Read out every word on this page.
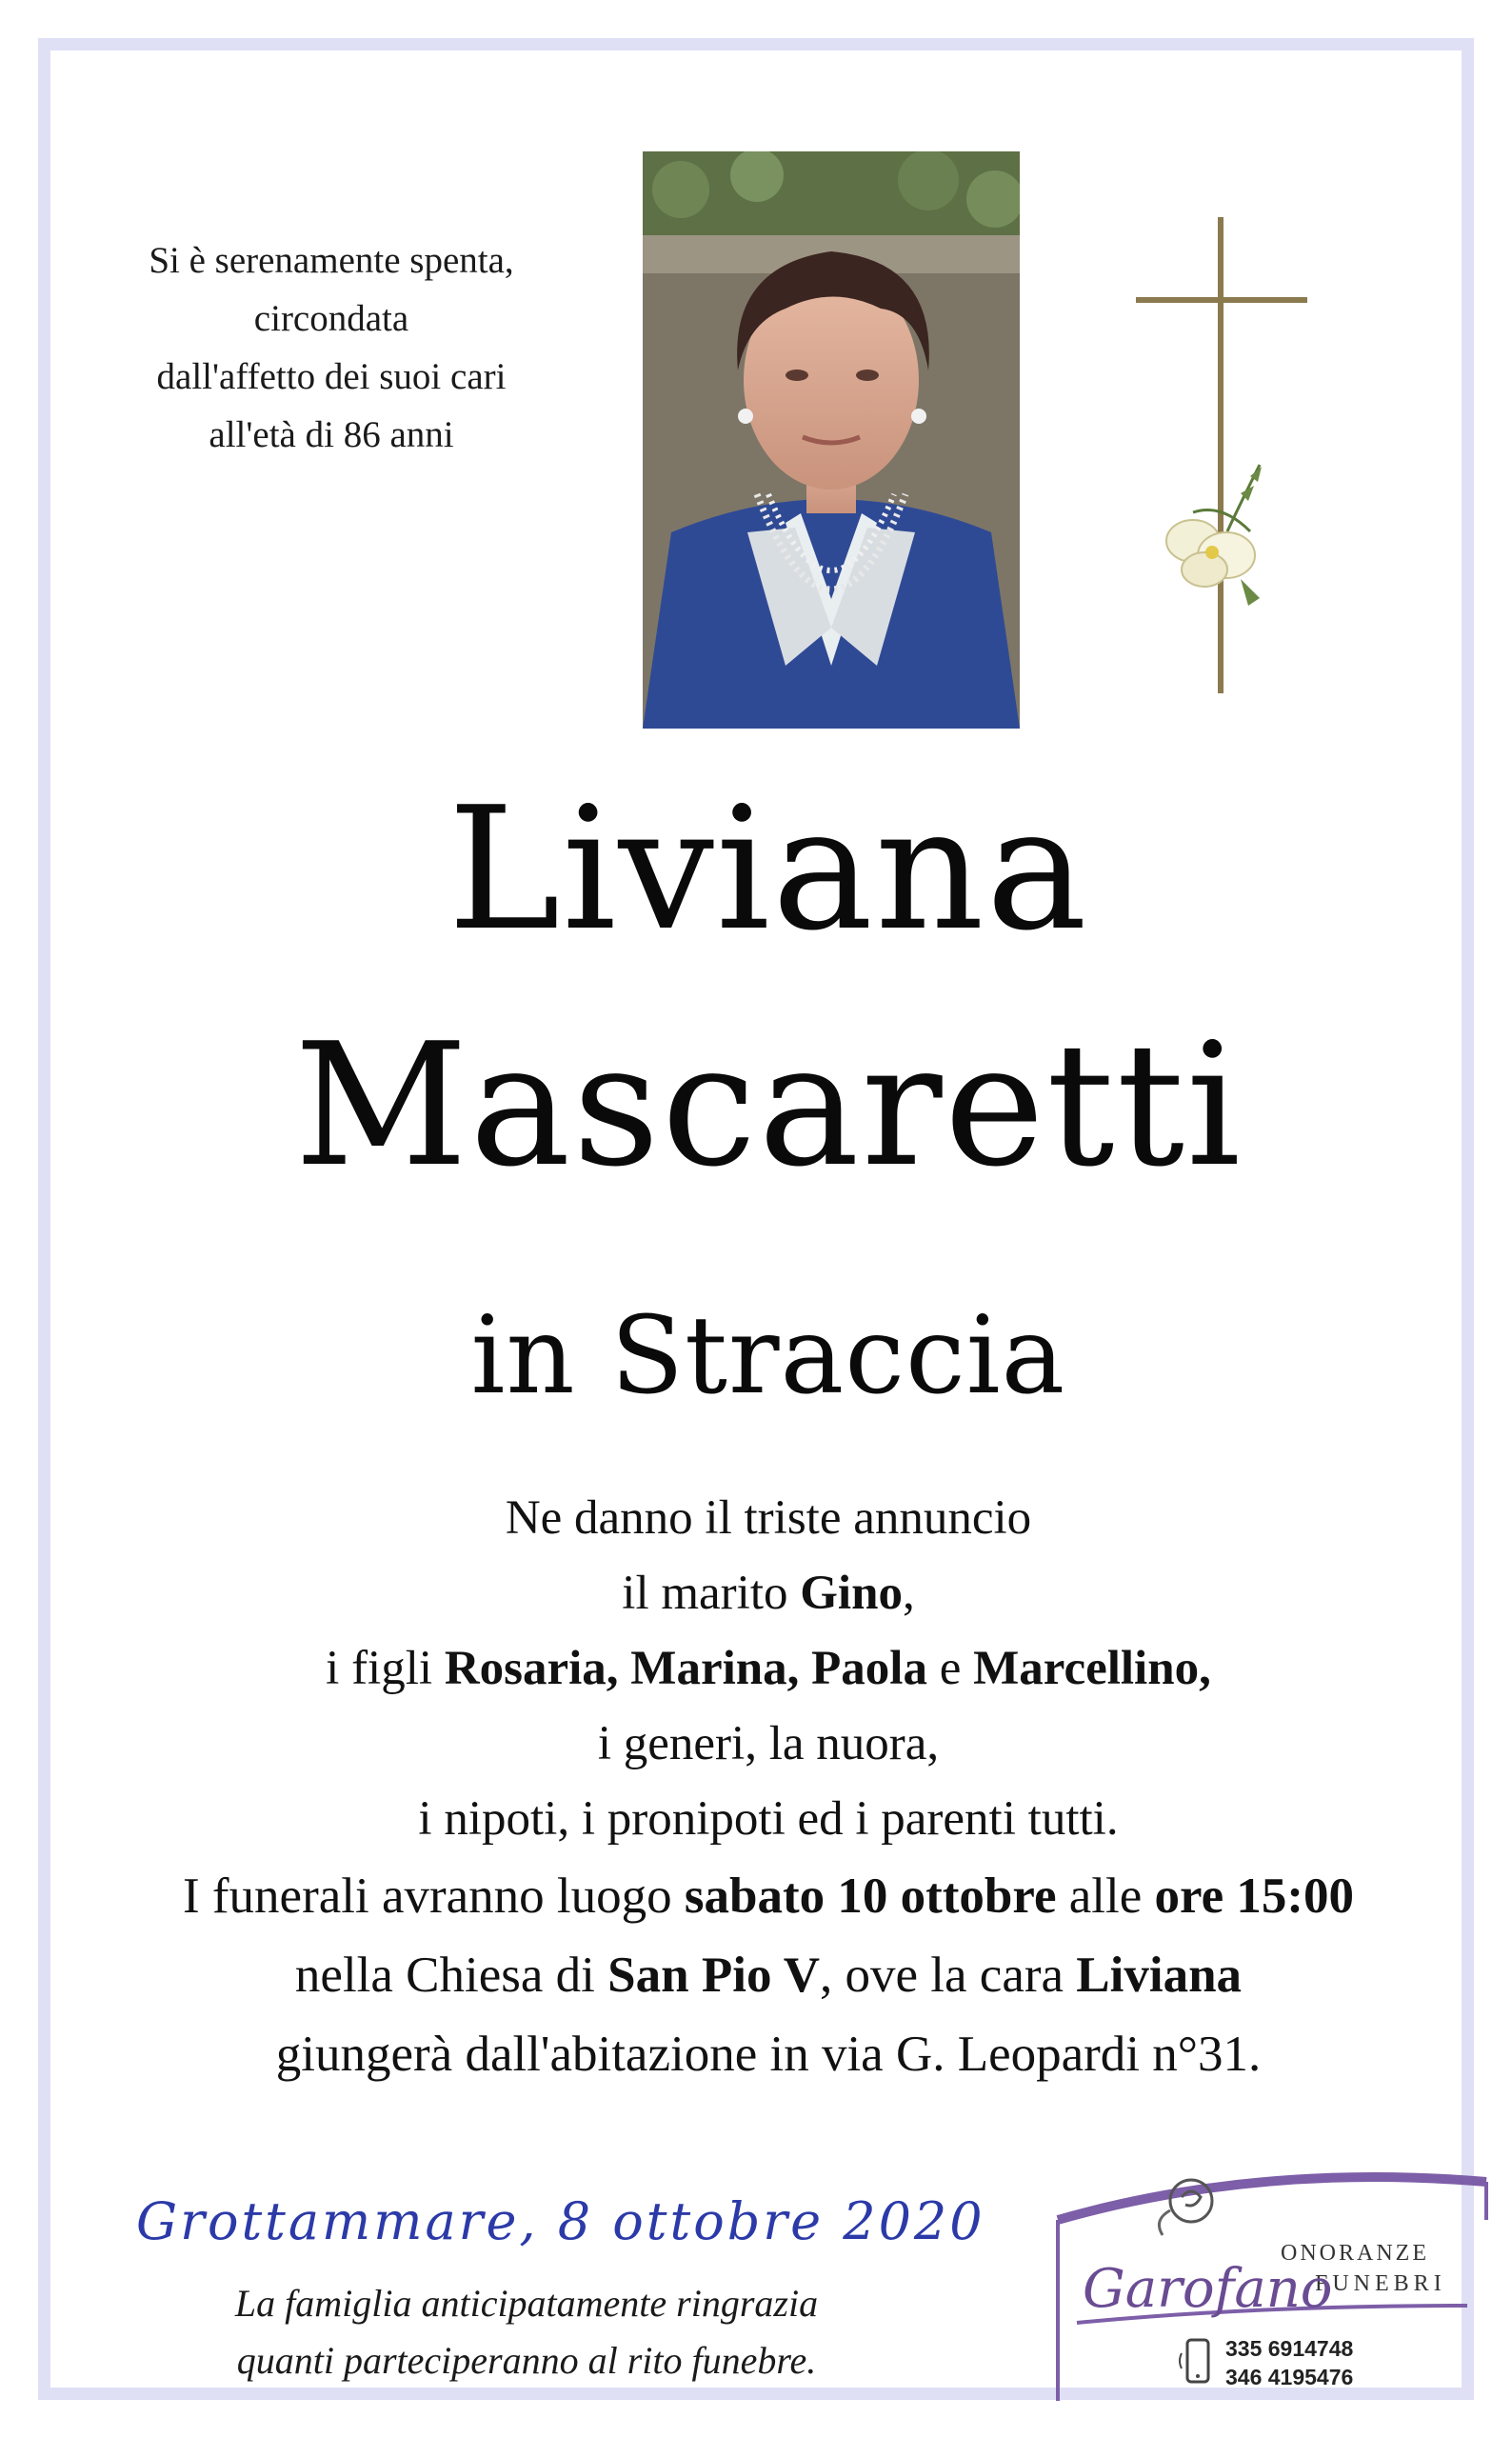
Si è serenamente spenta,
circondata
dall'affetto dei suoi cari
all'età di 86 anni
Liviana
Mascaretti
in Straccia
Ne danno il triste annuncio
il marito Gino,
i figli Rosaria, Marina, Paola e Marcellino,
i generi, la nuora,
i nipoti, i pronipoti ed i parenti tutti.
I funerali avranno luogo sabato 10 ottobre alle ore 15:00
nella Chiesa di San Pio V, ove la cara Liviana
giungerà dall'abitazione in via G. Leopardi n°31.
Grottammare, 8 ottobre 2020
La famiglia anticipatamente ringrazia
quanti parteciperanno al rito funebre.
ONORANZE
FUNEBRI
Garofano
335 6914748
346 4195476
